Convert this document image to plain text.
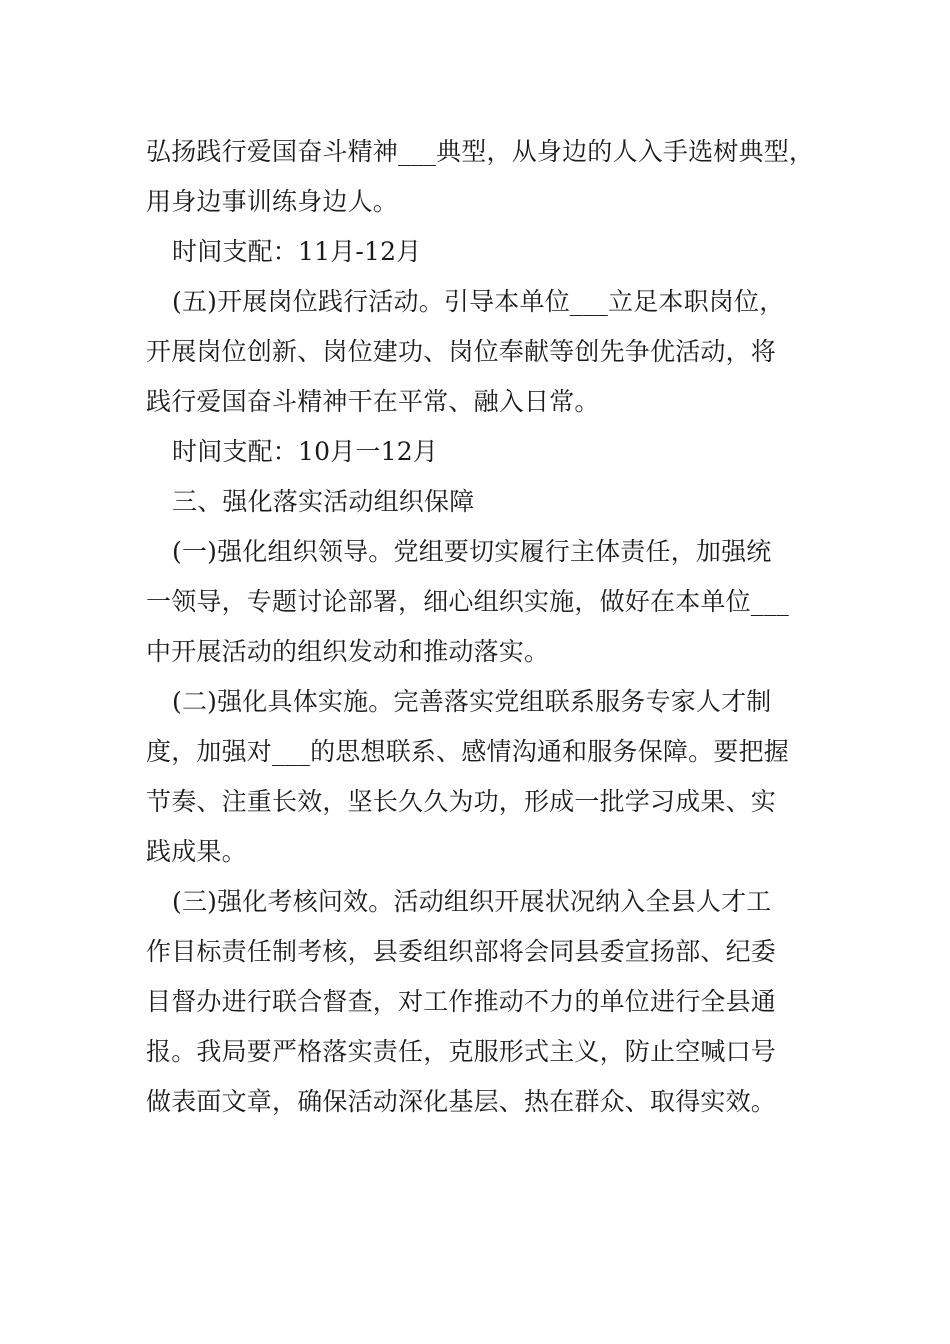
弘扬践行爱国奋斗精神___典型，从身边的人入手选树典型，
用身边事训练身边人。
时间支配：11月-12月
(五)开展岗位践行活动。引导本单位___立足本职岗位，
开展岗位创新、岗位建功、岗位奉献等创先争优活动，将
践行爱国奋斗精神干在平常、融入日常。
时间支配：10月一12月
三、强化落实活动组织保障
(一)强化组织领导。党组要切实履行主体责任，加强统
一领导，专题讨论部署，细心组织实施，做好在本单位___
中开展活动的组织发动和推动落实。
(二)强化具体实施。完善落实党组联系服务专家人才制
度，加强对___的思想联系、感情沟通和服务保障。要把握
节奏、注重长效，坚长久久为功，形成一批学习成果、实
践成果。
(三)强化考核问效。活动组织开展状况纳入全县人才工
作目标责任制考核，县委组织部将会同县委宣扬部、纪委
目督办进行联合督查，对工作推动不力的单位进行全县通
报。我局要严格落实责任，克服形式主义，防止空喊口号
做表面文章，确保活动深化基层、热在群众、取得实效。
